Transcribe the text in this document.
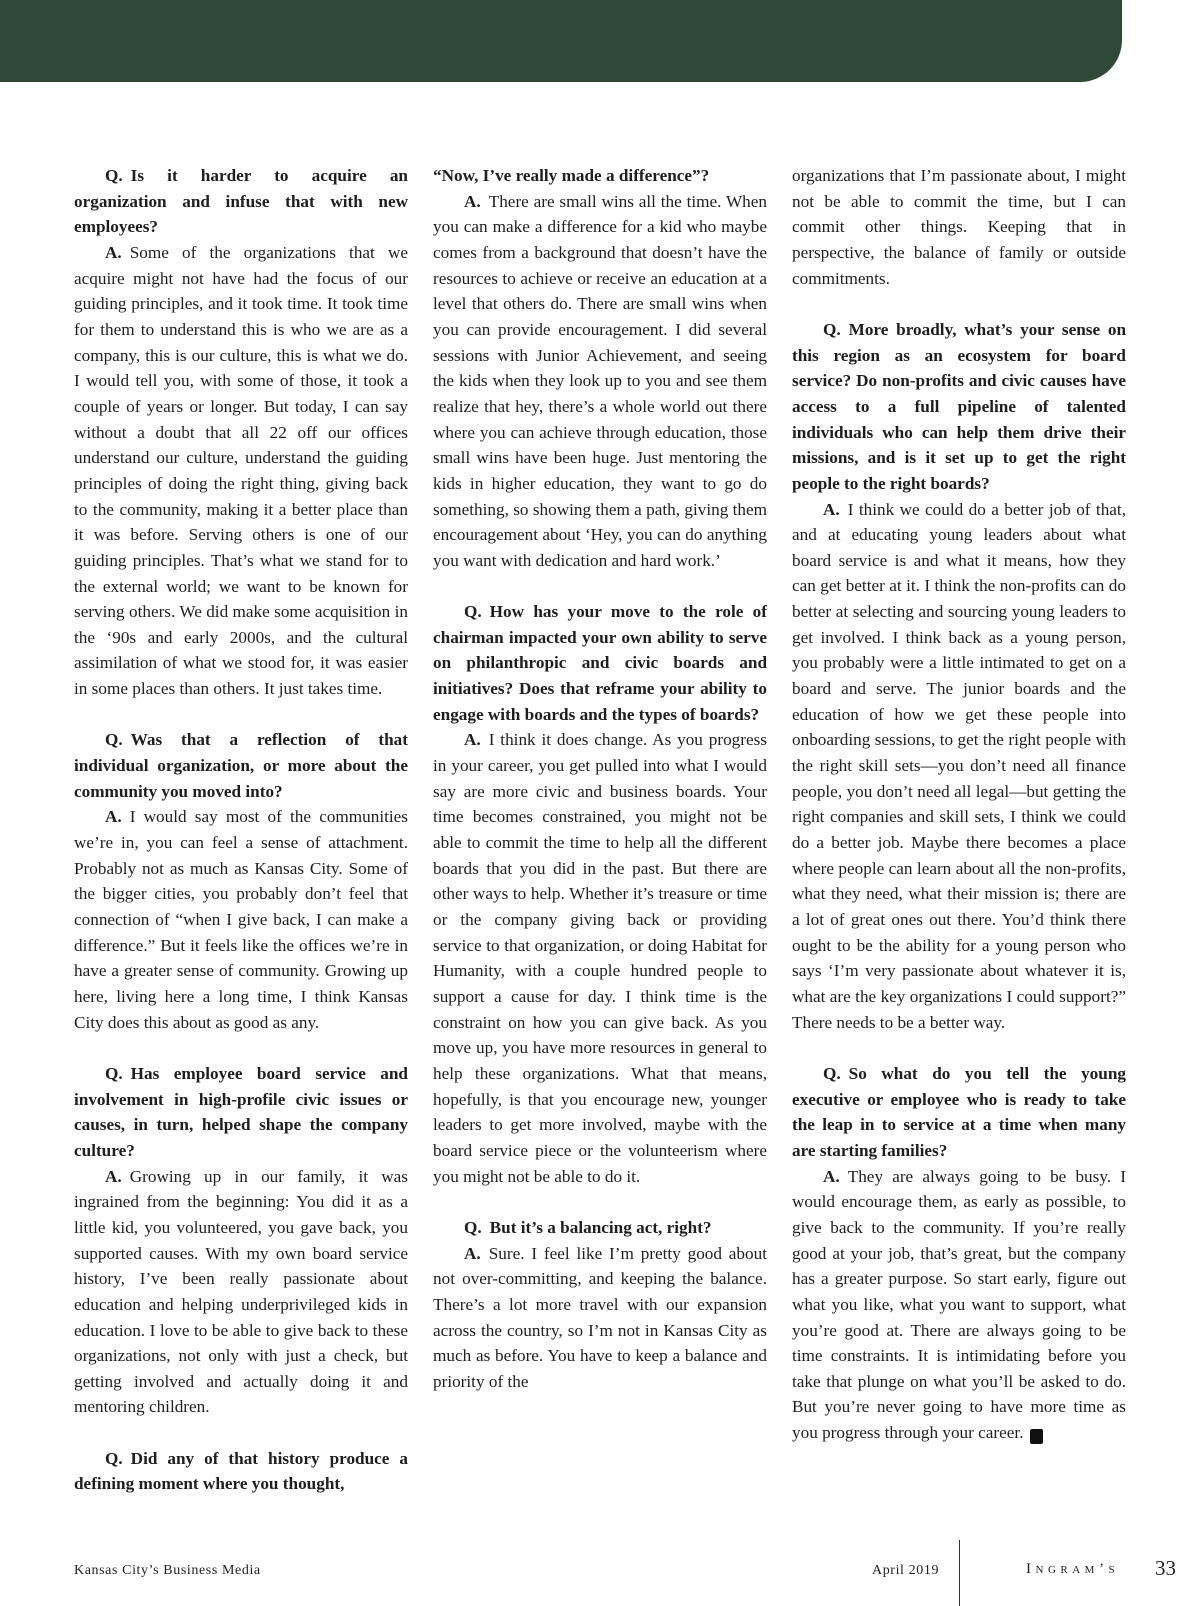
Q. Is it harder to acquire an organization and infuse that with new employees?

A. Some of the organizations that we acquire might not have had the focus of our guiding principles, and it took time. It took time for them to understand this is who we are as a company, this is our culture, this is what we do. I would tell you, with some of those, it took a couple of years or longer. But today, I can say without a doubt that all 22 off our offices understand our culture, understand the guiding principles of doing the right thing, giving back to the community, making it a better place than it was before. Serving others is one of our guiding principles. That’s what we stand for to the external world; we want to be known for serving others. We did make some acquisition in the ‘90s and early 2000s, and the cultural assimilation of what we stood for, it was easier in some places than others. It just takes time.

Q. Was that a reflection of that individual organization, or more about the community you moved into?

A. I would say most of the communities we’re in, you can feel a sense of attachment. Probably not as much as Kansas City. Some of the bigger cities, you probably don’t feel that connection of “when I give back, I can make a difference.” But it feels like the offices we’re in have a greater sense of community. Growing up here, living here a long time, I think Kansas City does this about as good as any.

Q. Has employee board service and involvement in high-profile civic issues or causes, in turn, helped shape the company culture?

A. Growing up in our family, it was ingrained from the beginning: You did it as a little kid, you volunteered, you gave back, you supported causes. With my own board service history, I’ve been really passionate about education and helping underprivileged kids in education. I love to be able to give back to these organizations, not only with just a check, but getting involved and actually doing it and mentoring children.

Q. Did any of that history produce a defining moment where you thought,

“Now, I’ve really made a difference”?

A. There are small wins all the time. When you can make a difference for a kid who maybe comes from a background that doesn’t have the resources to achieve or receive an education at a level that others do. There are small wins when you can provide encouragement. I did several sessions with Junior Achievement, and seeing the kids when they look up to you and see them realize that hey, there’s a whole world out there where you can achieve through education, those small wins have been huge. Just mentoring the kids in higher education, they want to go do something, so showing them a path, giving them encouragement about ‘Hey, you can do anything you want with dedication and hard work.’

Q. How has your move to the role of chairman impacted your own ability to serve on philanthropic and civic boards and initiatives? Does that reframe your ability to engage with boards and the types of boards?

A. I think it does change. As you progress in your career, you get pulled into what I would say are more civic and business boards. Your time becomes constrained, you might not be able to commit the time to help all the different boards that you did in the past. But there are other ways to help. Whether it’s treasure or time or the company giving back or providing service to that organization, or doing Habitat for Humanity, with a couple hundred people to support a cause for day. I think time is the constraint on how you can give back. As you move up, you have more resources in general to help these organizations. What that means, hopefully, is that you encourage new, younger leaders to get more involved, maybe with the board service piece or the volunteerism where you might not be able to do it.

Q. But it’s a balancing act, right?

A. Sure. I feel like I’m pretty good about not over-committing, and keeping the balance. There’s a lot more travel with our expansion across the country, so I’m not in Kansas City as much as before. You have to keep a balance and priority of the

organizations that I’m passionate about, I might not be able to commit the time, but I can commit other things. Keeping that in perspective, the balance of family or outside commitments.

Q. More broadly, what’s your sense on this region as an ecosystem for board service? Do non-profits and civic causes have access to a full pipeline of talented individuals who can help them drive their missions, and is it set up to get the right people to the right boards?

A. I think we could do a better job of that, and at educating young leaders about what board service is and what it means, how they can get better at it. I think the non-profits can do better at selecting and sourcing young leaders to get involved. I think back as a young person, you probably were a little intimated to get on a board and serve. The junior boards and the education of how we get these people into onboarding sessions, to get the right people with the right skill sets—you don’t need all finance people, you don’t need all legal—but getting the right companies and skill sets, I think we could do a better job. Maybe there becomes a place where people can learn about all the non-profits, what they need, what their mission is; there are a lot of great ones out there. You’d think there ought to be the ability for a young person who says ‘I’m very passionate about whatever it is, what are the key organizations I could support?” There needs to be a better way.

Q. So what do you tell the young executive or employee who is ready to take the leap in to service at a time when many are starting families?

A. They are always going to be busy. I would encourage them, as early as possible, to give back to the community. If you’re really good at your job, that’s great, but the company has a greater purpose. So start early, figure out what you like, what you want to support, what you’re good at. There are always going to be time constraints. It is intimidating before you take that plunge on what you’ll be asked to do. But you’re never going to have more time as you progress through your career.	I

Kansas City’s Business Media	April 2019	Ingram’s 33
